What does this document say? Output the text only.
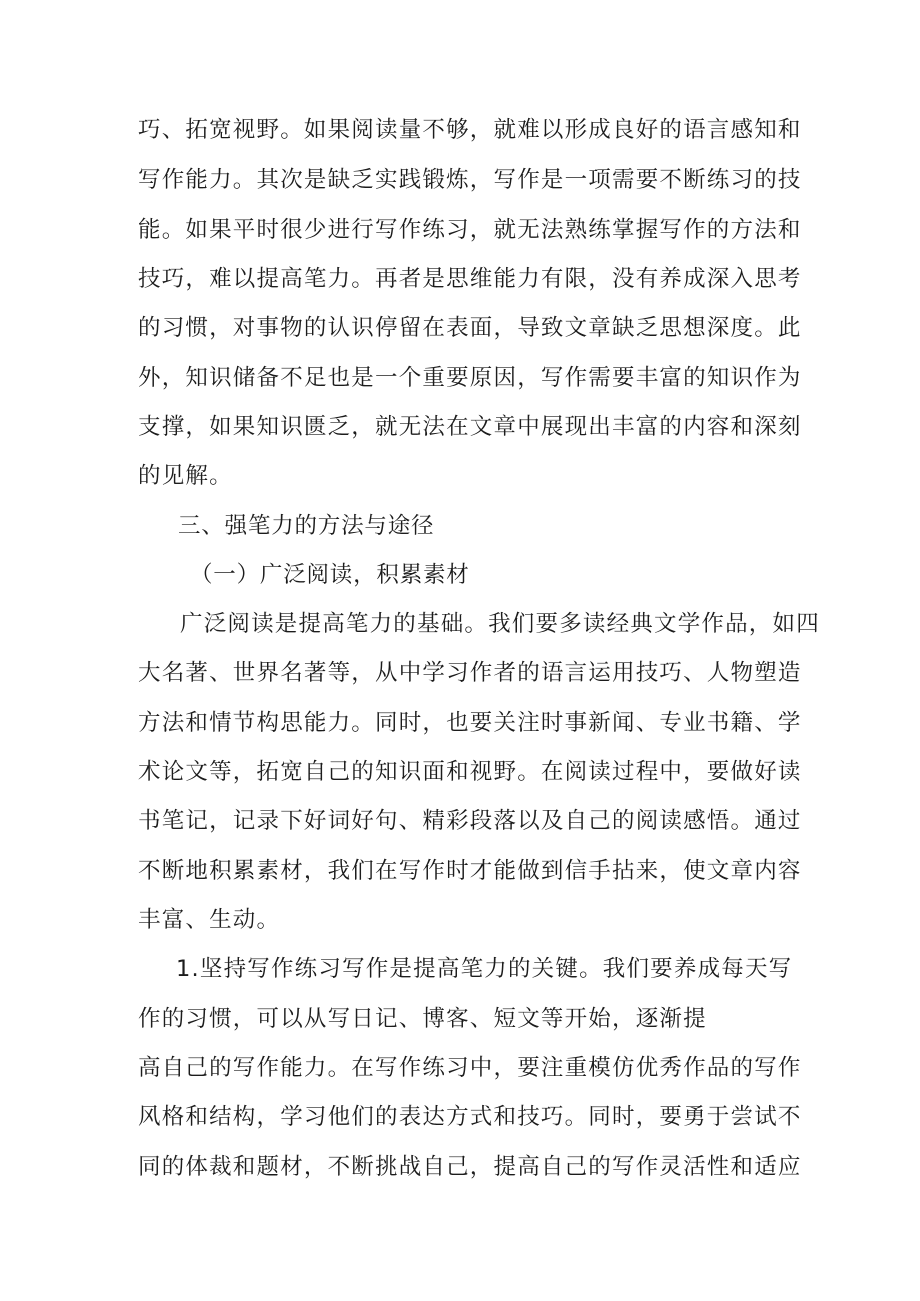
巧、拓宽视野。如果阅读量不够，就难以形成良好的语言感知和
写作能力。其次是缺乏实践锻炼，写作是一项需要不断练习的技
能。如果平时很少进行写作练习，就无法熟练掌握写作的方法和
技巧，难以提高笔力。再者是思维能力有限，没有养成深入思考
的习惯，对事物的认识停留在表面，导致文章缺乏思想深度。此
外，知识储备不足也是一个重要原因，写作需要丰富的知识作为
支撑，如果知识匮乏，就无法在文章中展现出丰富的内容和深刻
的见解。
三、强笔力的方法与途径
（一）广泛阅读，积累素材
广泛阅读是提高笔力的基础。我们要多读经典文学作品，如四
大名著、世界名著等，从中学习作者的语言运用技巧、人物塑造
方法和情节构思能力。同时，也要关注时事新闻、专业书籍、学
术论文等，拓宽自己的知识面和视野。在阅读过程中，要做好读
书笔记，记录下好词好句、精彩段落以及自己的阅读感悟。通过
不断地积累素材，我们在写作时才能做到信手拈来，使文章内容
丰富、生动。
1.坚持写作练习写作是提高笔力的关键。我们要养成每天写
作的习惯，可以从写日记、博客、短文等开始，逐渐提
高自己的写作能力。在写作练习中，要注重模仿优秀作品的写作
风格和结构，学习他们的表达方式和技巧。同时，要勇于尝试不
同的体裁和题材，不断挑战自己，提高自己的写作灵活性和适应
